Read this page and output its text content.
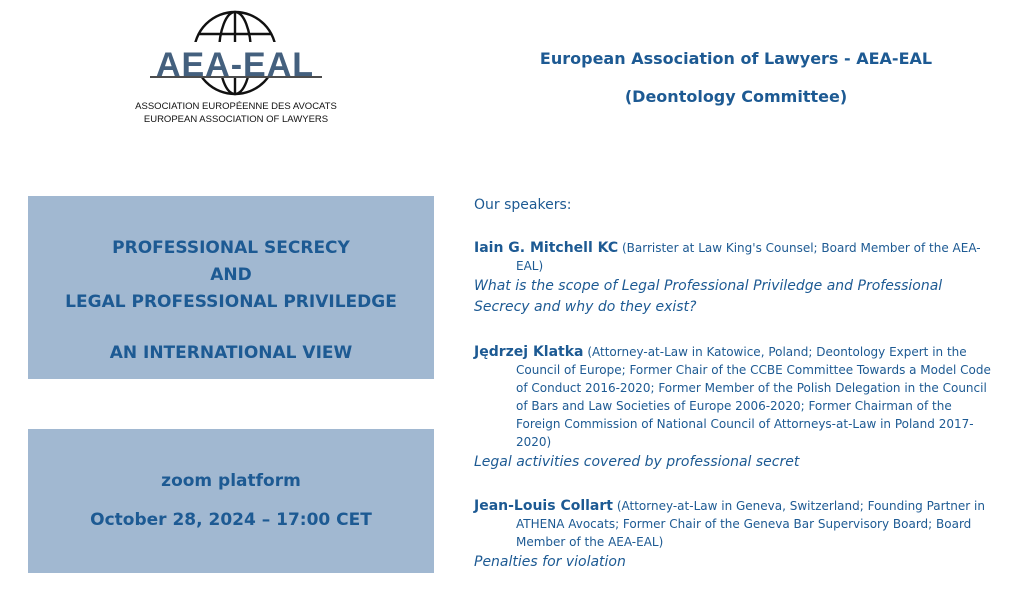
AEA-EAL
ASSOCIATION EUROPÉENNE DES AVOCATS
EUROPEAN ASSOCIATION OF LAWYERS
European Association of Lawyers - AEA-EAL
(Deontology Committee)
PROFESSIONAL SECRECY
AND
LEGAL PROFESSIONAL PRIVILEDGE
AN INTERNATIONAL VIEW
zoom platform
October 28, 2024 – 17:00 CET
Our speakers:
Iain G. Mitchell KC (Barrister at Law King's Counsel; Board Member of the AEA-EAL)
What is the scope of Legal Professional Priviledge and Professional Secrecy and why do they exist?
Jędrzej Klatka (Attorney-at-Law in Katowice, Poland; Deontology Expert in the Council of Europe; Former Chair of the CCBE Committee Towards a Model Code of Conduct 2016-2020; Former Member of the Polish Delegation in the Council of Bars and Law Societies of Europe 2006-2020; Former Chairman of the Foreign Commission of National Council of Attorneys-at-Law in Poland 2017-2020)
Legal activities covered by professional secret
Jean-Louis Collart (Attorney-at-Law in Geneva, Switzerland; Founding Partner in ATHENA Avocats; Former Chair of the Geneva Bar Supervisory Board; Board Member of the AEA-EAL)
Penalties for violation
